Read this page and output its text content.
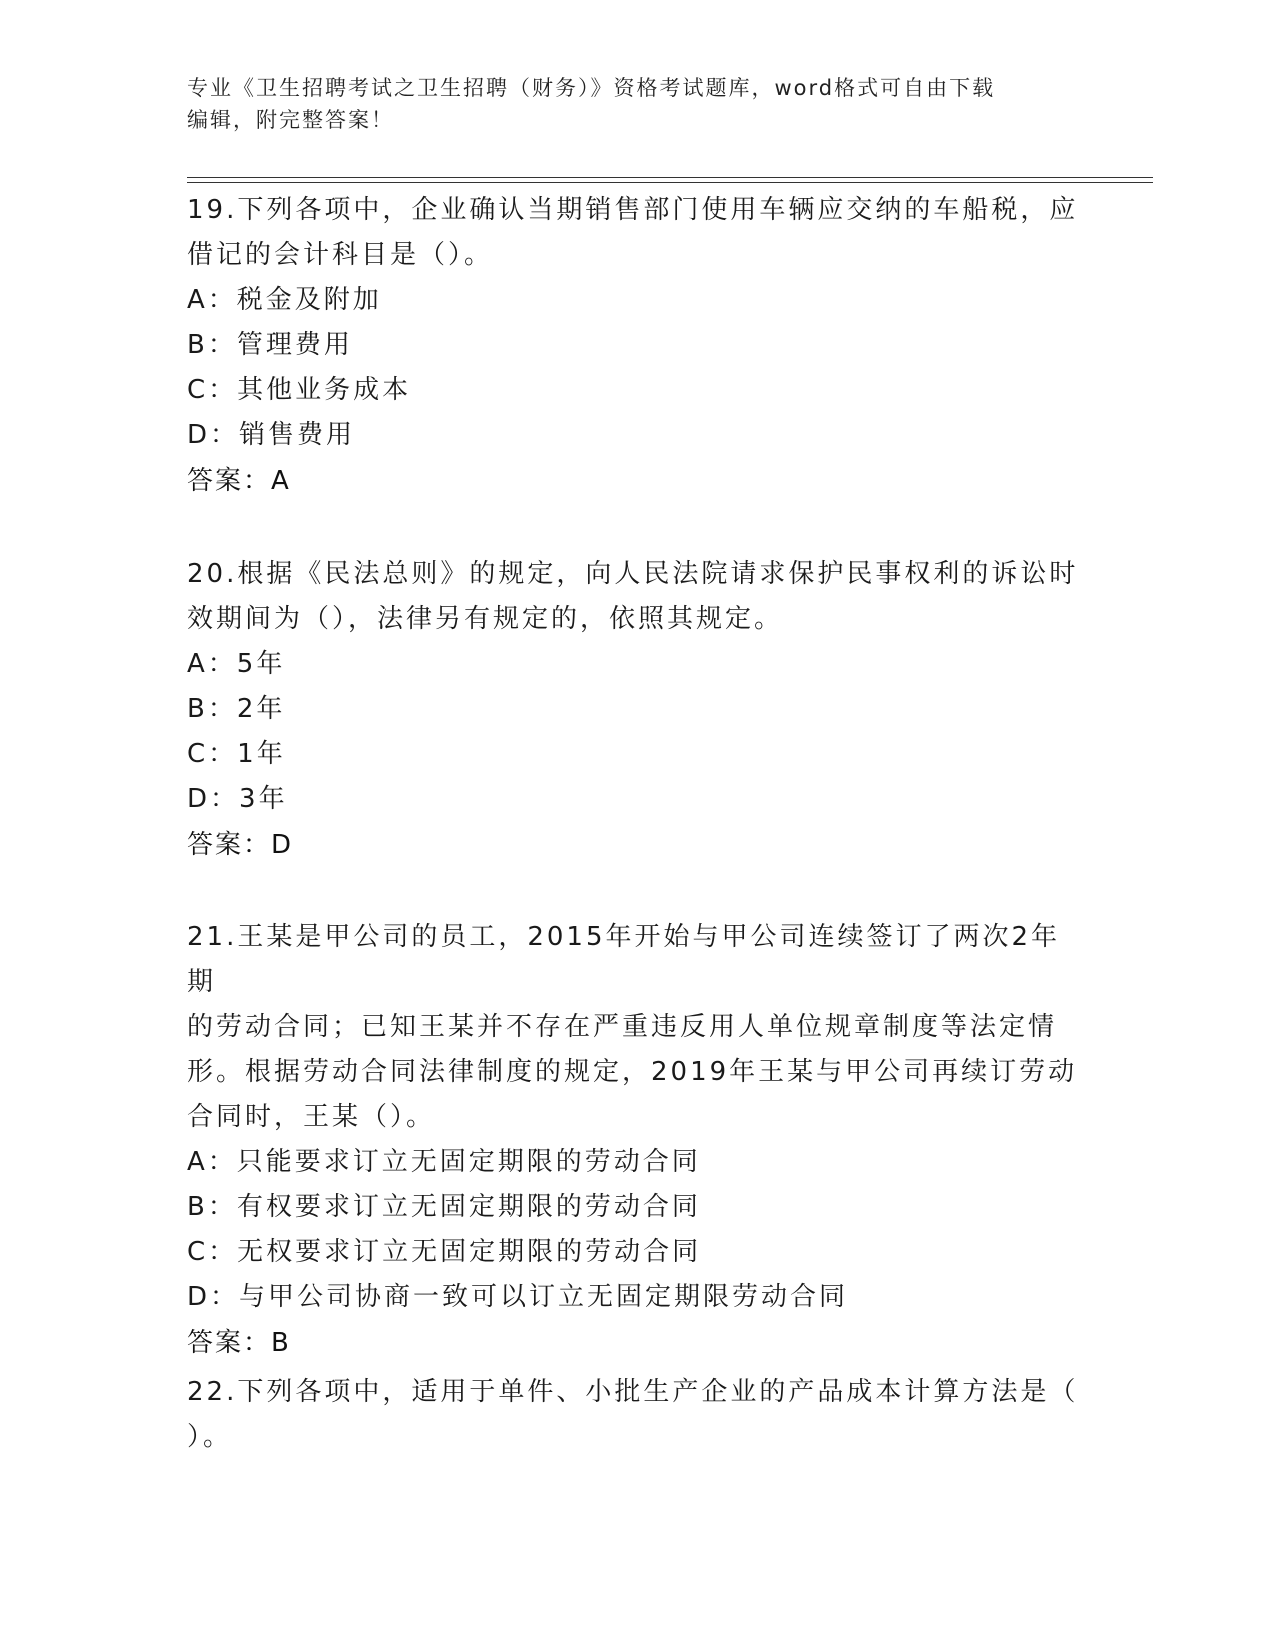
专业《卫生招聘考试之卫生招聘（财务）》资格考试题库，word格式可自由下载
编辑，附完整答案！
19.下列各项中，企业确认当期销售部门使用车辆应交纳的车船税，应
借记的会计科目是（）。
A：税金及附加
B：管理费用
C：其他业务成本
D：销售费用
答案：A
20.根据《民法总则》的规定，向人民法院请求保护民事权利的诉讼时
效期间为（），法律另有规定的，依照其规定。
A：5年
B：2年
C：1年
D：3年
答案：D
21.王某是甲公司的员工，2015年开始与甲公司连续签订了两次2年期
的劳动合同；已知王某并不存在严重违反用人单位规章制度等法定情
形。根据劳动合同法律制度的规定，2019年王某与甲公司再续订劳动
合同时，王某（）。
A：只能要求订立无固定期限的劳动合同
B：有权要求订立无固定期限的劳动合同
C：无权要求订立无固定期限的劳动合同
D：与甲公司协商一致可以订立无固定期限劳动合同
答案：B
22.下列各项中，适用于单件、小批生产企业的产品成本计算方法是（
）。
